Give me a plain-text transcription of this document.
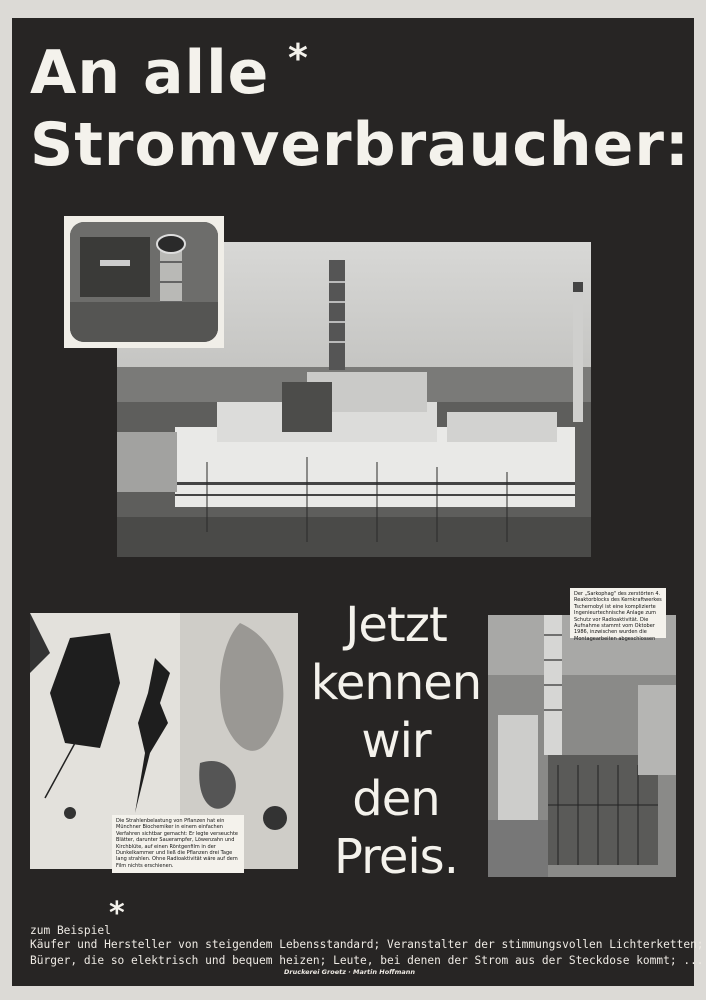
An alle *
Stromverbraucher:
Die Strahlenbelastung von Pflanzen hat ein Münchner Biochemiker in einem einfachen Verfahren sichtbar gemacht: Er legte verseuchte Blätter, darunter Sauerampfer, Löwenzahn und Kirchblüte, auf einen Röntgenfilm in der Dunkelkammer und ließ die Pflanzen drei Tage lang strahlen. Ohne Radioaktivität wäre auf dem Film nichts erschienen.
Jetzt
kennen
wir
den
Preis.
Der „Sarkophag" des zerstörten 4. Reaktorblocks des Kernkraftwerkes Tschernobyl ist eine komplizierte Ingenieurtechnische Anlage zum Schutz vor Radioaktivität. Die Aufnahme stammt vom Oktober 1986, inzwischen wurden die Montagearbeiten abgeschlossen
zum Beispiel
*
Käufer und Hersteller von steigendem Lebensstandard; Veranstalter der stimmungsvollen Lichterketten;
Bürger, die so elektrisch und bequem heizen; Leute, bei denen der Strom aus der Steckdose kommt; ...
Druckerei Groetz · Martin Hoffmann
